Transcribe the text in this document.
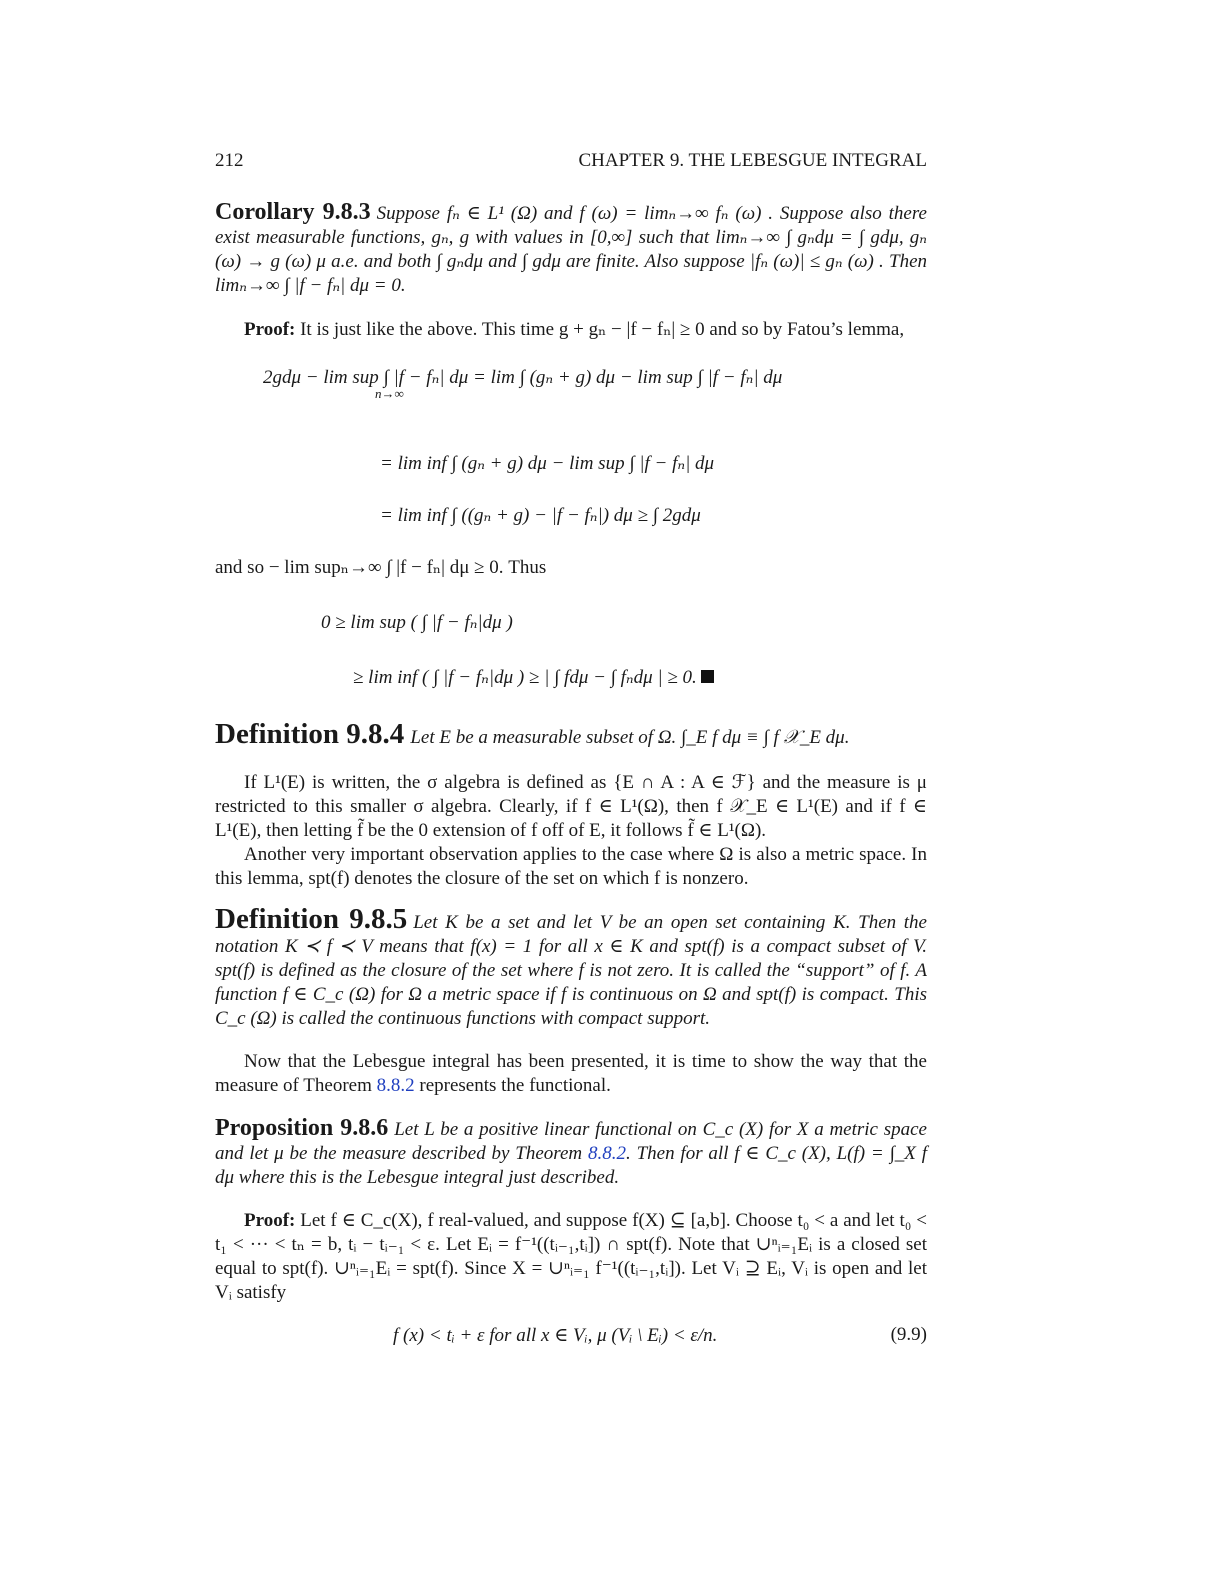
212	CHAPTER 9. THE LEBESGUE INTEGRAL

Corollary 9.8.3 Suppose fₙ ∈ L¹ (Ω) and f (ω) = limₙ→∞ fₙ (ω) . Suppose also there exist measurable functions, gₙ, g with values in [0,∞] such that limₙ→∞ ∫ gₙdμ = ∫ gdμ, gₙ (ω) → g (ω) μ a.e. and both ∫ gₙdμ and ∫ gdμ are finite. Also suppose |fₙ (ω)| ≤ gₙ (ω) . Then limₙ→∞ ∫ |f − fₙ| dμ = 0.

Proof: It is just like the above. This time g + gₙ − |f − fₙ| ≥ 0 and so by Fatou’s lemma,

2gdμ − lim sup ∫ |f − fₙ| dμ = lim ∫ (gₙ + g) dμ − lim sup ∫ |f − fₙ| dμ
n→∞
= lim inf ∫ (gₙ + g) dμ − lim sup ∫ |f − fₙ| dμ
= lim inf ∫ ((gₙ + g) − |f − fₙ|) dμ ≥ ∫ 2gdμ

and so − lim supₙ→∞ ∫ |f − fₙ| dμ ≥ 0. Thus

0 ≥ lim sup ( ∫ |f − fₙ|dμ )
≥ lim inf ( ∫ |f − fₙ|dμ ) ≥ | ∫ fdμ − ∫ fₙdμ | ≥ 0.

Definition 9.8.4 Let E be a measurable subset of Ω. ∫_E f dμ ≡ ∫ f 𝒳_E dμ.

If L¹(E) is written, the σ algebra is defined as {E ∩ A : A ∈ ℱ} and the measure is μ restricted to this smaller σ algebra. Clearly, if f ∈ L¹(Ω), then f 𝒳_E ∈ L¹(E) and if f ∈ L¹(E), then letting f̃ be the 0 extension of f off of E, it follows f̃ ∈ L¹(Ω).

Another very important observation applies to the case where Ω is also a metric space. In this lemma, spt(f) denotes the closure of the set on which f is nonzero.

Definition 9.8.5 Let K be a set and let V be an open set containing K. Then the notation K ≺ f ≺ V means that f(x) = 1 for all x ∈ K and spt(f) is a compact subset of V. spt(f) is defined as the closure of the set where f is not zero. It is called the “support” of f. A function f ∈ C_c (Ω) for Ω a metric space if f is continuous on Ω and spt(f) is compact. This C_c (Ω) is called the continuous functions with compact support.

Now that the Lebesgue integral has been presented, it is time to show the way that the measure of Theorem 8.8.2 represents the functional.

Proposition 9.8.6 Let L be a positive linear functional on C_c (X) for X a metric space and let μ be the measure described by Theorem 8.8.2. Then for all f ∈ C_c (X), L(f) = ∫_X f dμ where this is the Lebesgue integral just described.

Proof: Let f ∈ C_c(X), f real-valued, and suppose f(X) ⊆ [a,b]. Choose t₀ < a and let t₀ < t₁ < ··· < tₙ = b, tᵢ − tᵢ₋₁ < ε. Let Eᵢ = f⁻¹((tᵢ₋₁,tᵢ]) ∩ spt(f). Note that ∪ⁿᵢ₌₁Eᵢ is a closed set equal to spt(f). ∪ⁿᵢ₌₁Eᵢ = spt(f). Since X = ∪ⁿᵢ₌₁ f⁻¹((tᵢ₋₁,tᵢ]). Let Vᵢ ⊇ Eᵢ, Vᵢ is open and let Vᵢ satisfy

f (x) < tᵢ + ε for all x ∈ Vᵢ, μ (Vᵢ \ Eᵢ) < ε/n.	(9.9)
